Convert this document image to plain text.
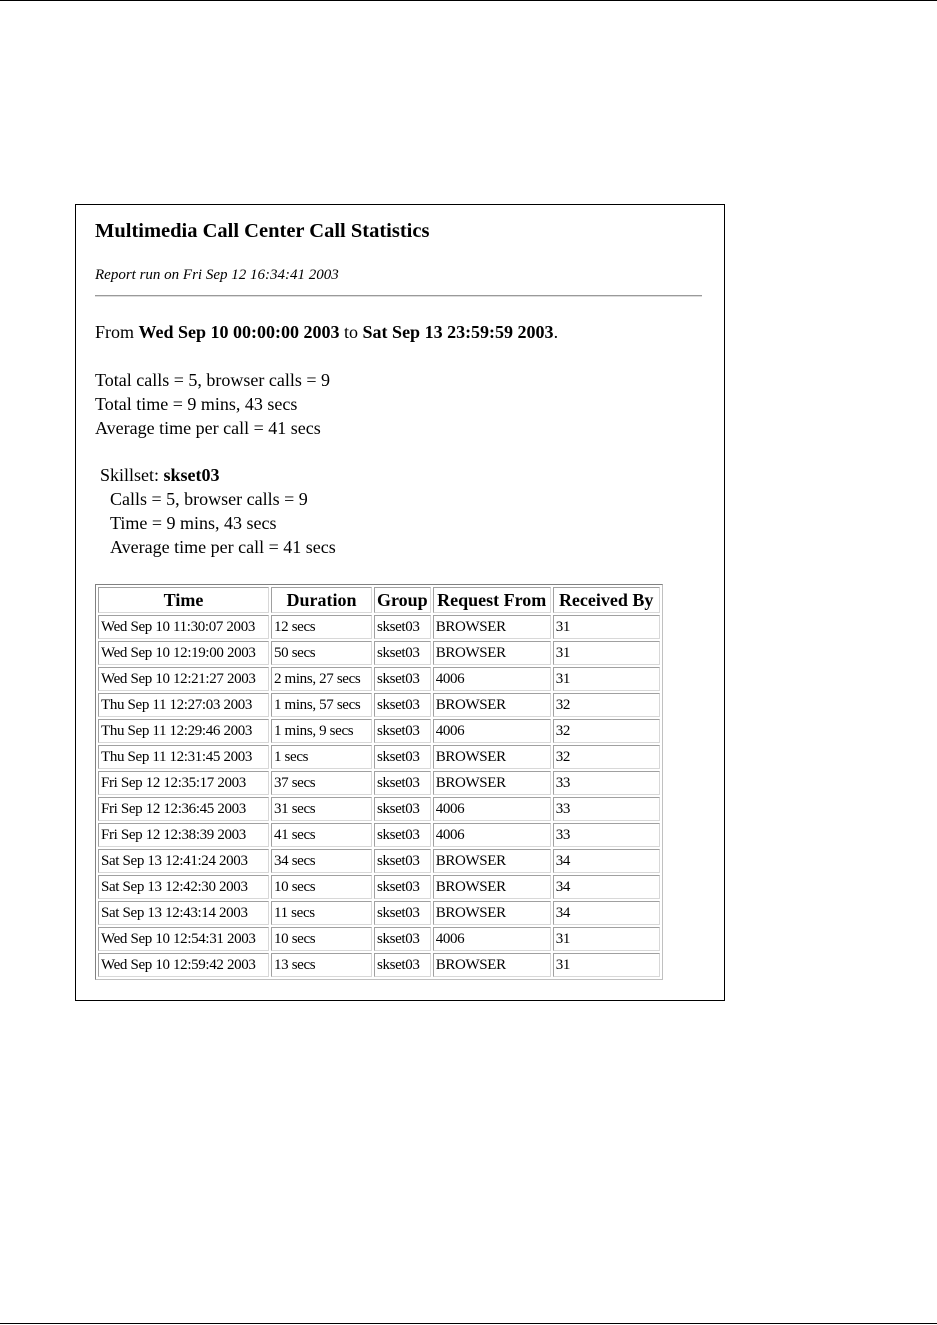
Multimedia Call Center Call Statistics
Report run on Fri Sep 12 16:34:41 2003
From Wed Sep 10 00:00:00 2003 to Sat Sep 13 23:59:59 2003.
Total calls = 5, browser calls = 9
Total time = 9 mins, 43 secs
Average time per call = 41 secs
Skillset: skset03
Calls = 5, browser calls = 9
Time = 9 mins, 43 secs
Average time per call = 41 secs
Time	Duration	Group	Request From	Received By
Wed Sep 10 11:30:07 2003	12 secs	skset03	BROWSER	31
Wed Sep 10 12:19:00 2003	50 secs	skset03	BROWSER	31
Wed Sep 10 12:21:27 2003	2 mins, 27 secs	skset03	4006	31
Thu Sep 11 12:27:03 2003	1 mins, 57 secs	skset03	BROWSER	32
Thu Sep 11 12:29:46 2003	1 mins, 9 secs	skset03	4006	32
Thu Sep 11 12:31:45 2003	1 secs	skset03	BROWSER	32
Fri Sep 12 12:35:17 2003	37 secs	skset03	BROWSER	33
Fri Sep 12 12:36:45 2003	31 secs	skset03	4006	33
Fri Sep 12 12:38:39 2003	41 secs	skset03	4006	33
Sat Sep 13 12:41:24 2003	34 secs	skset03	BROWSER	34
Sat Sep 13 12:42:30 2003	10 secs	skset03	BROWSER	34
Sat Sep 13 12:43:14 2003	11 secs	skset03	BROWSER	34
Wed Sep 10 12:54:31 2003	10 secs	skset03	4006	31
Wed Sep 10 12:59:42 2003	13 secs	skset03	BROWSER	31
